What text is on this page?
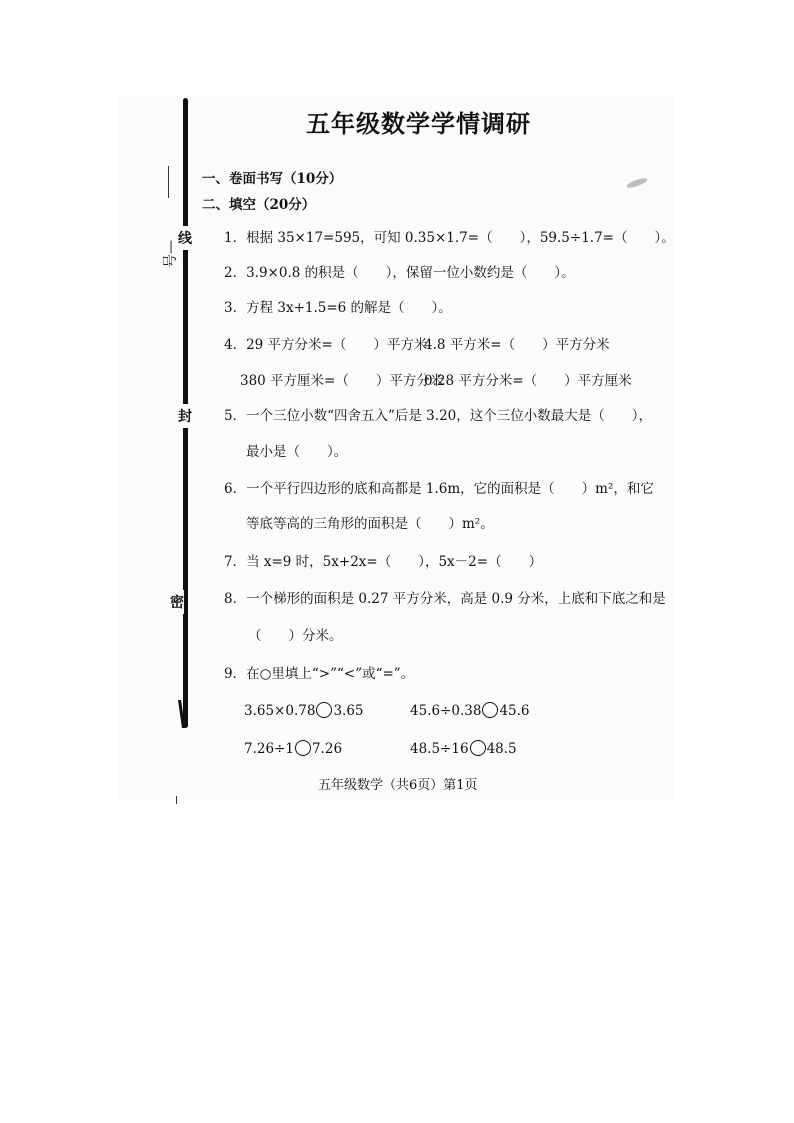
线
封
密
号—
五年级数学学情调研
一、卷面书写（10分）
二、填空（20分）
1．根据 35×17=595，可知 0.35×1.7=（　　），59.5÷1.7=（　　）。
2．3.9×0.8 的积是（　　），保留一位小数约是（　　）。
3．方程 3x+1.5=6 的解是（　　）。
4．29 平方分米=（　　）平方米
4.8 平方米=（　　）平方分米
380 平方厘米=（　　）平方分米
0.28 平方分米=（　　）平方厘米
5．一个三位小数“四舍五入”后是 3.20，这个三位小数最大是（　　），
最小是（　　）。
6．一个平行四边形的底和高都是 1.6m，它的面积是（　　）m²，和它
等底等高的三角形的面积是（　　）m²。
7．当 x=9 时，5x+2x=（　　），5x－2=（　　）
8．一个梯形的面积是 0.27 平方分米，高是 0.9 分米，上底和下底之和是
（　　）分米。
9．在○里填上“>”“<”或“=”。
3.65×0.78 3.65	45.6÷0.38 45.6
7.26÷1 7.26	48.5÷16 48.5
五年级数学（共6页）第1页
